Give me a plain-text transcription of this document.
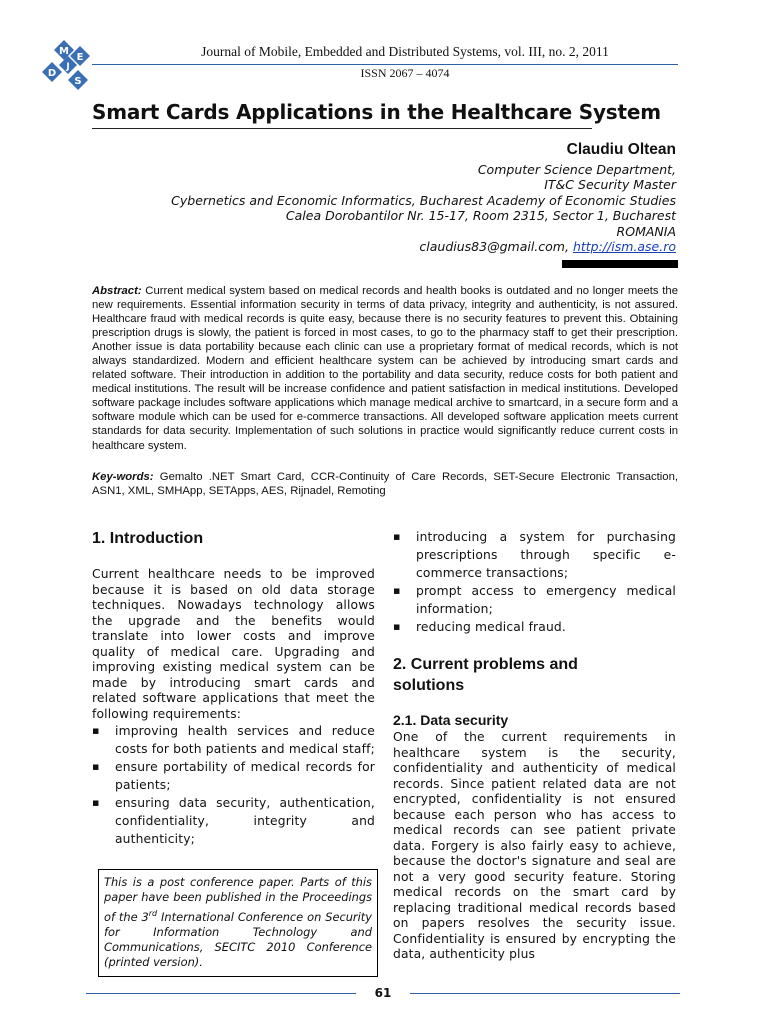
M
E
J
D
S
Journal of Mobile, Embedded and Distributed Systems, vol. III, no. 2, 2011
ISSN 2067 – 4074
Smart Cards Applications in the Healthcare System
Claudiu Oltean
Computer Science Department,
IT&C Security Master
Cybernetics and Economic Informatics, Bucharest Academy of Economic Studies
Calea Dorobantilor Nr. 15-17, Room 2315, Sector 1, Bucharest
ROMANIA
claudius83@gmail.com, http://ism.ase.ro
Abstract: Current medical system based on medical records and health books is outdated and no longer meets the new requirements. Essential information security in terms of data privacy, integrity and authenticity, is not assured. Healthcare fraud with medical records is quite easy, because there is no security features to prevent this. Obtaining prescription drugs is slowly, the patient is forced in most cases, to go to the pharmacy staff to get their prescription. Another issue is data portability because each clinic can use a proprietary format of medical records, which is not always standardized. Modern and efficient healthcare system can be achieved by introducing smart cards and related software. Their introduction in addition to the portability and data security, reduce costs for both patient and medical institutions. The result will be increase confidence and patient satisfaction in medical institutions. Developed software package includes software applications which manage medical archive to smartcard, in a secure form and a software module which can be used for e-commerce transactions. All developed software application meets current standards for data security. Implementation of such solutions in practice would significantly reduce current costs in healthcare system.
Key-words: Gemalto .NET Smart Card, CCR-Continuity of Care Records, SET-Secure Electronic Transaction, ASN1, XML, SMHApp, SETApps, AES, Rijnadel, Remoting
1. Introduction
Current healthcare needs to be improved because it is based on old data storage techniques. Nowadays technology allows the upgrade and the benefits would translate into lower costs and improve quality of medical care. Upgrading and improving existing medical system can be made by introducing smart cards and related software applications that meet the following requirements:
▪ improving health services and reduce costs for both patients and medical staff;
▪ ensure portability of medical records for patients;
▪ ensuring data security, authentication, confidentiality, integrity and authenticity;
This is a post conference paper. Parts of this paper have been published in the Proceedings of the 3rd International Conference on Security for Information Technology and Communications, SECITC 2010 Conference (printed version).
▪ introducing a system for purchasing prescriptions through specific e-commerce transactions;
▪ prompt access to emergency medical information;
▪ reducing medical fraud.
2. Current problems and solutions
2.1. Data security
One of the current requirements in healthcare system is the security, confidentiality and authenticity of medical records. Since patient related data are not encrypted, confidentiality is not ensured because each person who has access to medical records can see patient private data. Forgery is also fairly easy to achieve, because the doctor's signature and seal are not a very good security feature. Storing medical records on the smart card by replacing traditional medical records based on papers resolves the security issue. Confidentiality is ensured by encrypting the data, authenticity plus
61
